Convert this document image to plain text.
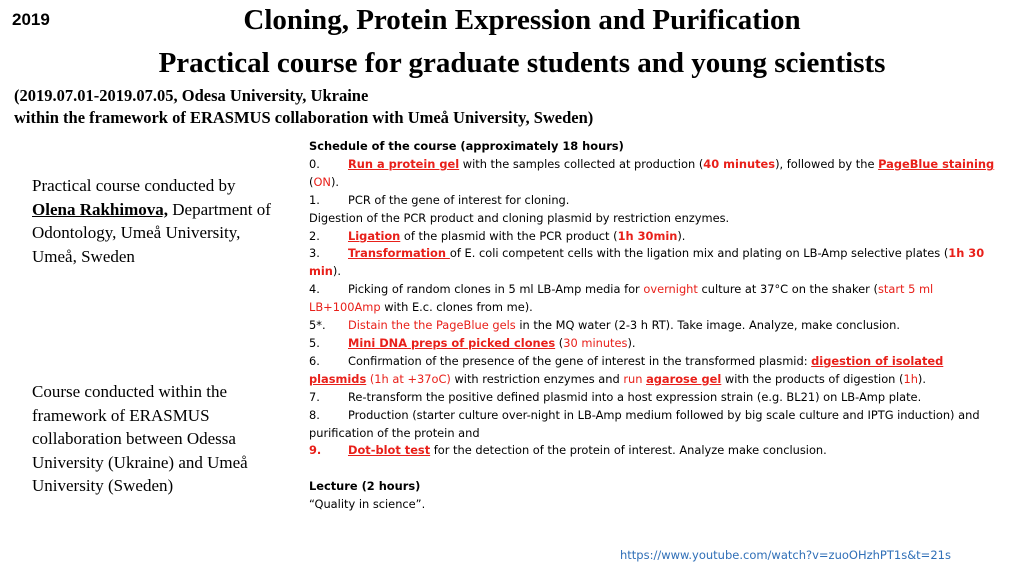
2019	Cloning, Protein Expression and Purification
Practical course for graduate students and young scientists
(2019.07.01-2019.07.05, Odesa University, Ukraine
within the framework of ERASMUS collaboration with Umeå University, Sweden)
Practical course conducted by Olena Rakhimova, Department of Odontology, Umeå University, Umeå, Sweden
Course conducted within the framework of ERASMUS collaboration between Odessa University (Ukraine) and Umeå University (Sweden)

Schedule of the course (approximately 18 hours)

0. Run a protein gel with the samples collected at production (40 minutes), followed by the PageBlue staining (ON).

1. PCR of the gene of interest for cloning.

Digestion of the PCR product and cloning plasmid by restriction enzymes.

2. Ligation of the plasmid with the PCR product (1h 30min).

3. Transformation of E. coli competent cells with the ligation mix and plating on LB-Amp selective plates (1h 30 min).

4. Picking of random clones in 5 ml LB-Amp media for overnight culture at 37°C on the shaker (start 5 ml LB+100Amp with E.c. clones from me).

5*. Distain the the PageBlue gels in the MQ water (2-3 h RT). Take image. Analyze, make conclusion.

5. Mini DNA preps of picked clones (30 minutes).

6. Confirmation of the presence of the gene of interest in the transformed plasmid: digestion of isolated plasmids (1h at +37oC) with restriction enzymes and run agarose gel with the products of digestion (1h).

7. Re-transform the positive defined plasmid into a host expression strain (e.g. BL21) on LB-Amp plate.

8. Production (starter culture over-night in LB-Amp medium followed by big scale culture and IPTG induction) and purification of the protein and

9. Dot-blot test for the detection of the protein of interest. Analyze make conclusion.

Lecture (2 hours)

“Quality in science”.

https://www.youtube.com/watch?v=zuoOHzhPT1s&t=21s
